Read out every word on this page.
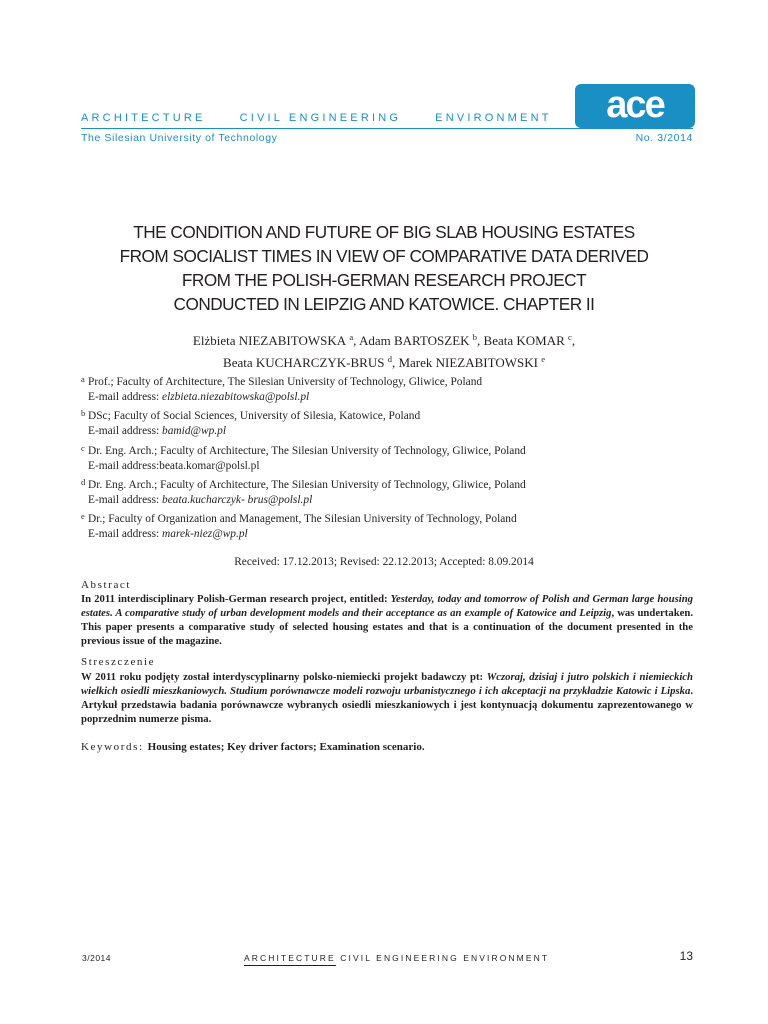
ARCHITECTURE	CIVIL ENGINEERING	ENVIRONMENT
The Silesian University of Technology	No. 3/2014
ace
THE CONDITION AND FUTURE OF BIG SLAB HOUSING ESTATES
FROM SOCIALIST TIMES IN VIEW OF COMPARATIVE DATA DERIVED
FROM THE POLISH-GERMAN RESEARCH PROJECT
CONDUCTED IN LEIPZIG AND KATOWICE. CHAPTER II
Elżbieta NIEZABITOWSKA $^a$, Adam BARTOSZEK $^b$, Beata KOMAR $^c$,
Beata KUCHARCZYK-BRUS $^d$, Marek NIEZABITOWSKI $^e$
a Prof.; Faculty of Architecture, The Silesian University of Technology, Gliwice, Poland
E-mail address: elzbieta.niezabitowska@polsl.pl
b DSc; Faculty of Social Sciences, University of Silesia, Katowice, Poland
E-mail address: bamid@wp.pl
c Dr. Eng. Arch.; Faculty of Architecture, The Silesian University of Technology, Gliwice, Poland
E-mail address:beata.komar@polsl.pl
d Dr. Eng. Arch.; Faculty of Architecture, The Silesian University of Technology, Gliwice, Poland
E-mail address: beata.kucharczyk- brus@polsl.pl
e Dr.; Faculty of Organization and Management, The Silesian University of Technology, Poland
E-mail address: marek-niez@wp.pl
Received: 17.12.2013; Revised: 22.12.2013; Accepted: 8.09.2014
Abstract
In 2011 interdisciplinary Polish-German research project, entitled: Yesterday, today and tomorrow of Polish and German large housing estates. A comparative study of urban development models and their acceptance as an example of Katowice and Leipzig, was undertaken. This paper presents a comparative study of selected housing estates and that is a continuation of the document presented in the previous issue of the magazine.
Streszczenie
W 2011 roku podjęty został interdyscyplinarny polsko-niemiecki projekt badawczy pt: Wczoraj, dzisiaj i jutro polskich i niemieckich wielkich osiedli mieszkaniowych. Studium porównawcze modeli rozwoju urbanistycznego i ich akceptacji na przykładzie Katowic i Lipska. Artykuł przedstawia badania porównawcze wybranych osiedli mieszkaniowych i jest kontynuacją dokumentu zaprezentowanego w poprzednim numerze pisma.
Keywords: Housing estates; Key driver factors; Examination scenario.
3/2014	ARCHITECTURE CIVIL ENGINEERING ENVIRONMENT	13
